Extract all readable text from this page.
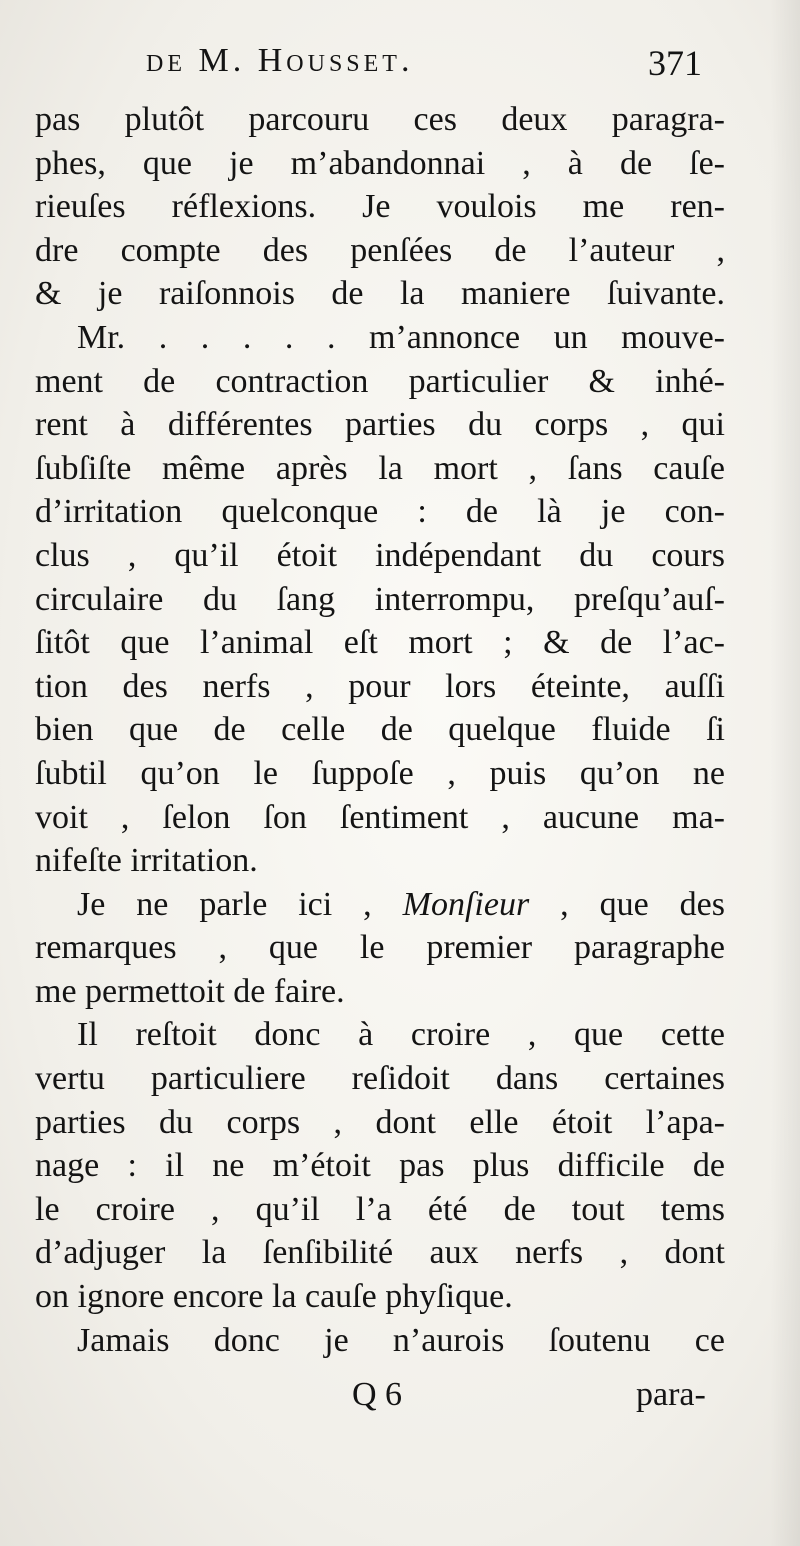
de M. Housset.	371
pas plutôt parcouru ces deux paragra-
phes, que je m’abandonnai , à de ſe-
rieuſes réflexions. Je voulois me ren-
dre compte des penſées de l’auteur ,
& je raiſonnois de la maniere ſuivante.
Mr. . . . . . m’annonce un mouve-
ment de contraction particulier & inhé-
rent à différentes parties du corps , qui
ſubſiſte même après la mort , ſans cauſe
d’irritation quelconque : de là je con-
clus , qu’il étoit indépendant du cours
circulaire du ſang interrompu, preſqu’auſ-
ſitôt que l’animal eſt mort ; & de l’ac-
tion des nerfs , pour lors éteinte, auſſi
bien que de celle de quelque fluide ſi
ſubtil qu’on le ſuppoſe , puis qu’on ne
voit , ſelon ſon ſentiment , aucune ma-
nifeſte irritation.
Je ne parle ici , Monſieur , que des
remarques , que le premier paragraphe
me permettoit de faire.
Il reſtoit donc à croire , que cette
vertu particuliere reſidoit dans certaines
parties du corps , dont elle étoit l’apa-
nage : il ne m’étoit pas plus difficile de
le croire , qu’il l’a été de tout tems
d’adjuger la ſenſibilité aux nerfs , dont
on ignore encore la cauſe phyſique.
Jamais donc je n’aurois ſoutenu ce
Q 6	para-
